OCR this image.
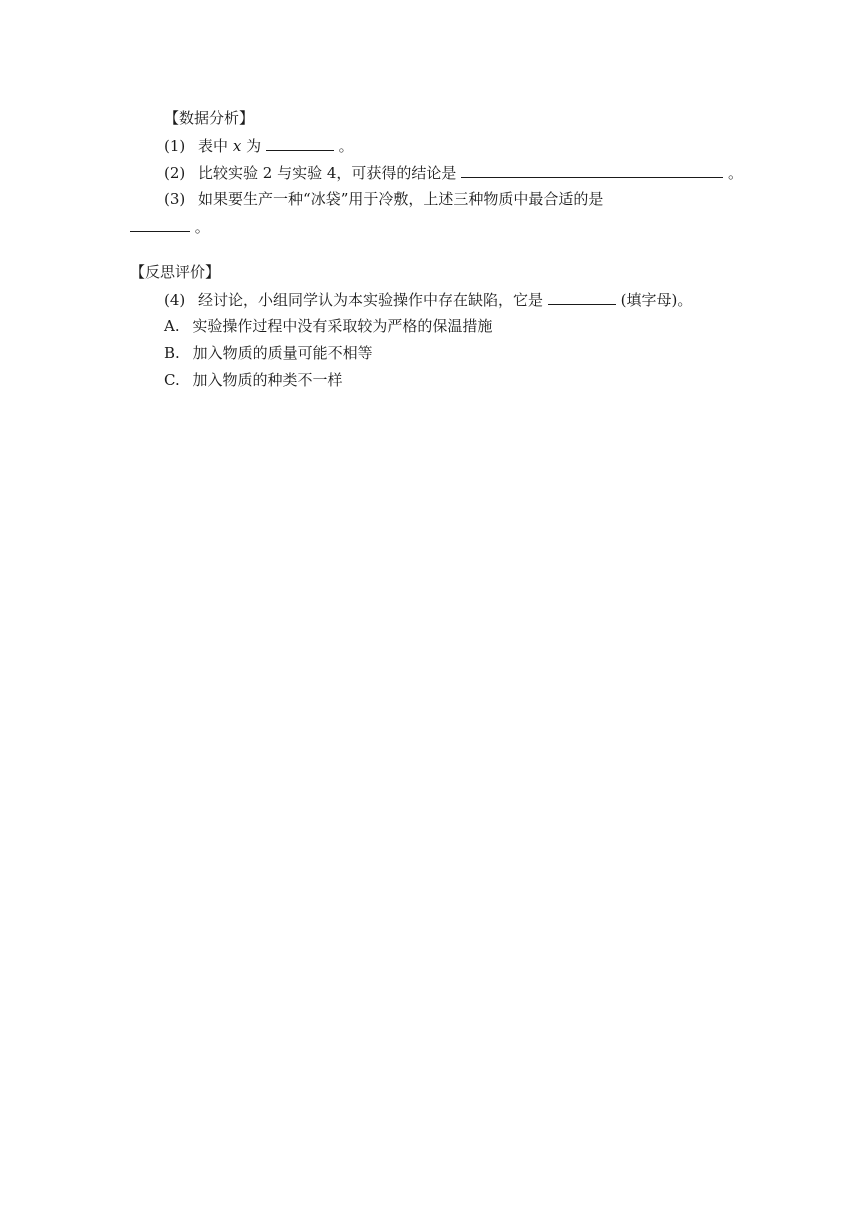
【数据分析】
(1) 表中 x 为	。
(2) 比较实验 2 与实验 4，可获得的结论是	。
(3) 如果要生产一种“冰袋”用于冷敷，上述三种物质中最合适的是
。
【反思评价】
(4) 经讨论，小组同学认为本实验操作中存在缺陷，它是	(填字母)。
A. 实验操作过程中没有采取较为严格的保温措施
B. 加入物质的质量可能不相等
C. 加入物质的种类不一样
